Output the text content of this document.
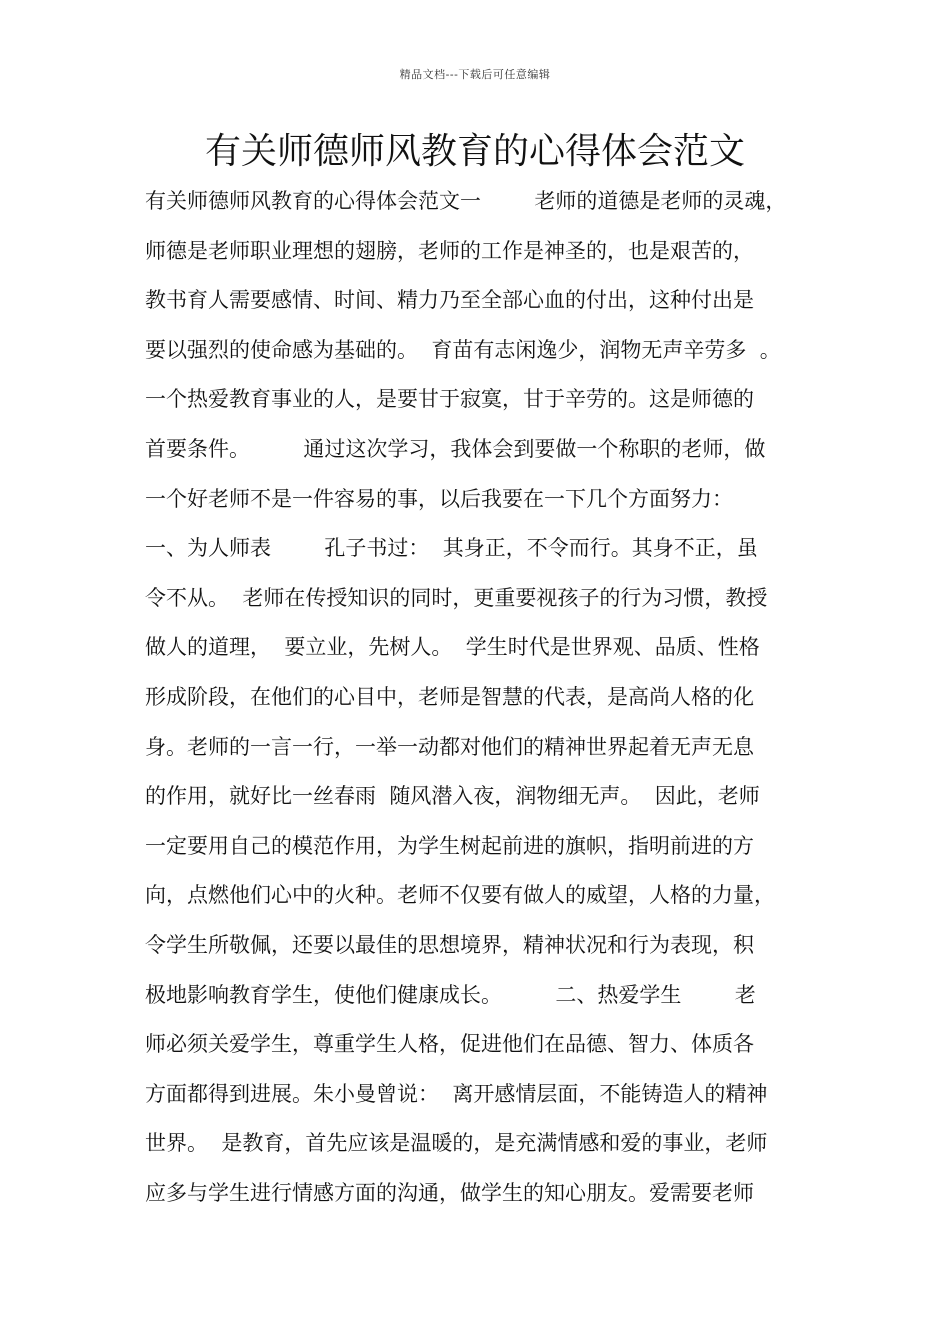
精品文档---下载后可任意编辑
有关师德师风教育的心得体会范文
有关师德师风教育的心得体会范文一        老师的道德是老师的灵魂，
师德是老师职业理想的翅膀，老师的工作是神圣的，也是艰苦的，
教书育人需要感情、时间、精力乃至全部心血的付出，这种付出是
要以强烈的使命感为基础的。  育苗有志闲逸少，润物无声辛劳多  。
一个热爱教育事业的人，是要甘于寂寞，甘于辛劳的。这是师德的
首要条件。        通过这次学习，我体会到要做一个称职的老师，做
一个好老师不是一件容易的事，以后我要在一下几个方面努力：
一、为人师表        孔子书过：  其身正，不令而行。其身不正，虽
令不从。  老师在传授知识的同时，更重要视孩子的行为习惯，教授
做人的道理，  要立业，先树人。  学生时代是世界观、品质、性格
形成阶段，在他们的心目中，老师是智慧的代表，是高尚人格的化
身。老师的一言一行，一举一动都对他们的精神世界起着无声无息
的作用，就好比一丝春雨  随风潜入夜，润物细无声。  因此，老师
一定要用自己的模范作用，为学生树起前进的旗帜，指明前进的方
向，点燃他们心中的火种。老师不仅要有做人的威望，人格的力量，
令学生所敬佩，还要以最佳的思想境界，精神状况和行为表现，积
极地影响教育学生，使他们健康成长。        二、热爱学生        老
师必须关爱学生，尊重学生人格，促进他们在品德、智力、体质各
方面都得到进展。朱小曼曾说：  离开感情层面，不能铸造人的精神
世界。  是教育，首先应该是温暖的，是充满情感和爱的事业，老师
应多与学生进行情感方面的沟通，做学生的知心朋友。爱需要老师
